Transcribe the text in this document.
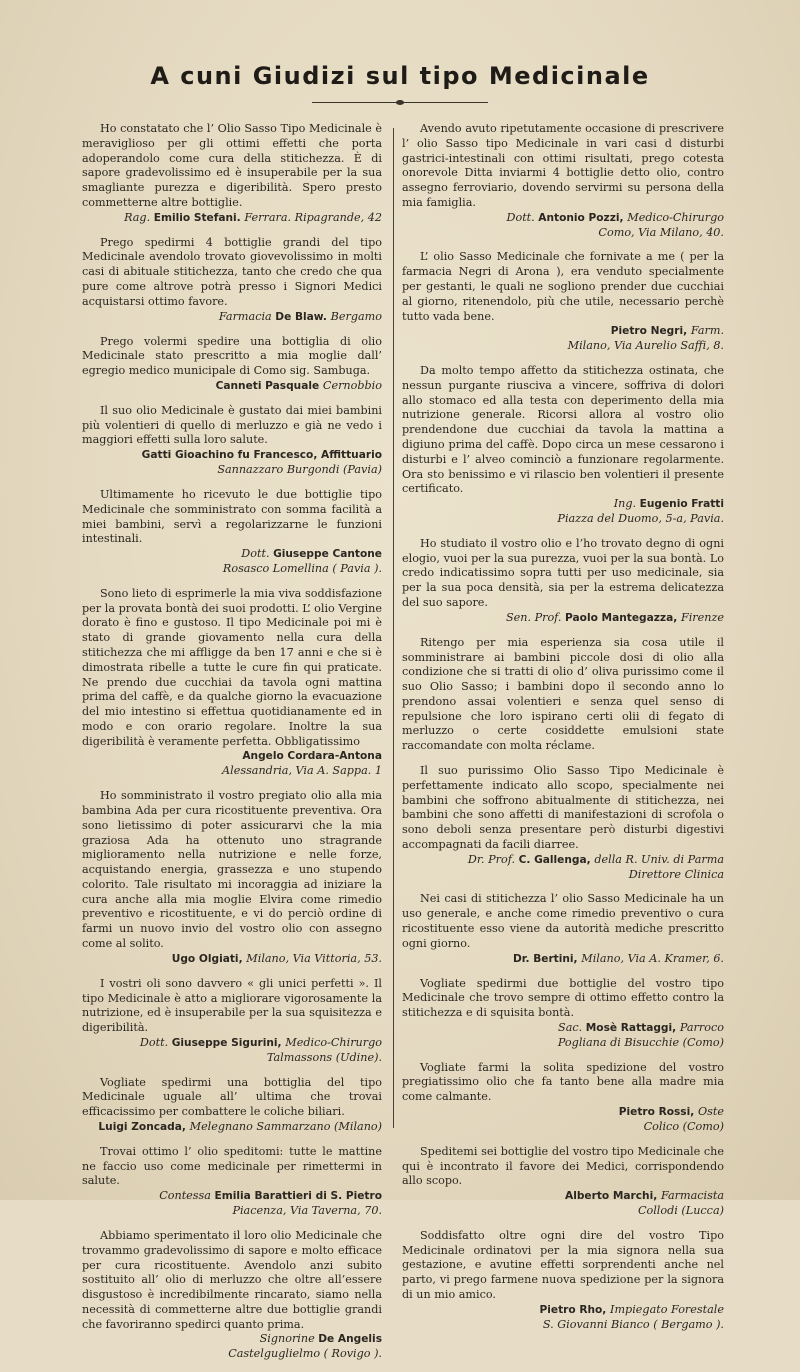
A cuni Giudizi sul tipo Medicinale

Ho constatato che l’ Olio Sasso Tipo Medicinale è meraviglioso per gli ottimi effetti che porta adoperandolo come cura della stitichezza. È di sapore gradevolissimo ed è insuperabile per la sua smagliante purezza e digeribilità. Spero presto commetterne altre bottiglie.

Rag. Emilio Stefani. Ferrara. Ripagrande, 42

Prego spedirmi 4 bottiglie grandi del tipo Medicinale avendolo trovato giovevolissimo in molti casi di abituale stitichezza, tanto che credo che qua pure come altrove potrà presso i Signori Medici acquistarsi ottimo favore.

Farmacia De Blaw. Bergamo

Prego volermi spedire una bottiglia di olio Medicinale stato prescritto a mia moglie dall’ egregio medico municipale di Como sig. Sambuga.

Canneti Pasquale Cernobbio

Il suo olio Medicinale è gustato dai miei bambini più volentieri di quello di merluzzo e già ne vedo i maggiori effetti sulla loro salute.

Gatti Gioachino fu Francesco, Affittuario

Sannazzaro Burgondi (Pavia)

Ultimamente ho ricevuto le due bottiglie tipo Medicinale che somministrato con somma facilità a miei bambini, servì a regolarizzarne le funzioni intestinali.

Dott. Giuseppe Cantone

Rosasco Lomellina ( Pavia ).

Sono lieto di esprimerle la mia viva soddisfazione per la provata bontà dei suoi prodotti. L’ olio Vergine dorato è fino e gustoso. Il tipo Medicinale poi mi è stato di grande giovamento nella cura della stitichezza che mi affligge da ben 17 anni e che si è dimostrata ribelle a tutte le cure fin qui praticate. Ne prendo due cucchiai da tavola ogni mattina prima del caffè, e da qualche giorno la evacuazione del mio intestino si effettua quotidianamente ed in modo e con orario regolare. Inoltre la sua digeribilità è veramente perfetta. Obbligatissimo

Angelo Cordara-Antona

Alessandria, Via A. Sappa. 1

Ho somministrato il vostro pregiato olio alla mia bambina Ada per cura ricostituente preventiva. Ora sono lietissimo di poter assicurarvi che la mia graziosa Ada ha ottenuto uno stragrande miglioramento nella nutrizione e nelle forze, acquistando energia, grassezza e uno stupendo colorito. Tale risultato mi incoraggia ad iniziare la cura anche alla mia moglie Elvira come rimedio preventivo e ricostituente, e vi do perciò ordine di farmi un nuovo invio del vostro olio con assegno come al solito.

Ugo Olgiati, Milano, Via Vittoria, 53.

I vostri oli sono davvero « gli unici perfetti ». Il tipo Medicinale è atto a migliorare vigorosamente la nutrizione, ed è insuperabile per la sua squisitezza e digeribilità.

Dott. Giuseppe Sigurini, Medico-Chirurgo

Talmassons (Udine).

Vogliate spedirmi una bottiglia del tipo Medicinale uguale all’ ultima che trovai efficacissimo per combattere le coliche biliari.

Luigi Zoncada, Melegnano Sammarzano (Milano)

Trovai ottimo l’ olio speditomi: tutte le mattine ne faccio uso come medicinale per rimettermi in salute.

Contessa Emilia Barattieri di S. Pietro

Piacenza, Via Taverna, 70.

Abbiamo sperimentato il loro olio Medicinale che trovammo gradevolissimo di sapore e molto efficace per cura ricostituente. Avendolo anzi subito sostituito all’ olio di merluzzo che oltre all’essere disgustoso è incredibilmente rincarato, siamo nella necessità di commetterne altre due bottiglie grandi che favoriranno spedirci quanto prima.

Signorine De Angelis

Castelguglielmo ( Rovigo ).

Avendo avuto ripetutamente occasione di prescrivere l’ olio Sasso tipo Medicinale in vari casi d disturbi gastrici-intestinali con ottimi risultati, prego cotesta onorevole Ditta inviarmi 4 bottiglie detto olio, contro assegno ferroviario, dovendo servirmi su persona della mia famiglia.

Dott. Antonio Pozzi, Medico-Chirurgo

Como, Via Milano, 40.

L’ olio Sasso Medicinale che fornivate a me ( per la farmacia Negri di Arona ), era venduto specialmente per gestanti, le quali ne sogliono prender due cucchiai al giorno, ritenendolo, più che utile, necessario perchè tutto vada bene.

Pietro Negri, Farm.

Milano, Via Aurelio Saffi, 8.

Da molto tempo affetto da stitichezza ostinata, che nessun purgante riusciva a vincere, soffriva di dolori allo stomaco ed alla testa con deperimento della mia nutrizione generale. Ricorsi allora al vostro olio prendendone due cucchiai da tavola la mattina a digiuno prima del caffè. Dopo circa un mese cessarono i disturbi e l’ alveo cominciò a funzionare regolarmente. Ora sto benissimo e vi rilascio ben volentieri il presente certificato.

Ing. Eugenio Fratti

Piazza del Duomo, 5-a, Pavia.

Ho studiato il vostro olio e l’ho trovato degno di ogni elogio, vuoi per la sua purezza, vuoi per la sua bontà. Lo credo indicatissimo sopra tutti per uso medicinale, sia per la sua poca densità, sia per la estrema delicatezza del suo sapore.

Sen. Prof. Paolo Mantegazza, Firenze

Ritengo per mia esperienza sia cosa utile il somministrare ai bambini piccole dosi di olio alla condizione che si tratti di olio d’ oliva purissimo come il suo Olio Sasso; i bambini dopo il secondo anno lo prendono assai volentieri e senza quel senso di repulsione che loro ispirano certi olii di fegato di merluzzo o certe cosiddette emulsioni state raccomandate con molta réclame.

Il suo purissimo Olio Sasso Tipo Medicinale è perfettamente indicato allo scopo, specialmente nei bambini che soffrono abitualmente di stitichezza, nei bambini che sono affetti di manifestazioni di scrofola o sono deboli senza presentare però disturbi digestivi accompagnati da facili diarree.

Dr. Prof. C. Gallenga, della R. Univ. di Parma

Direttore Clinica

Nei casi di stitichezza l’ olio Sasso Medicinale ha un uso generale, e anche come rimedio preventivo o cura ricostituente esso viene da autorità mediche prescritto ogni giorno.

Dr. Bertini, Milano, Via A. Kramer, 6.

Vogliate spedirmi due bottiglie del vostro tipo Medicinale che trovo sempre di ottimo effetto contro la stitichezza e di squisita bontà.

Sac. Mosè Rattaggi, Parroco

Pogliana di Bisucchie (Como)

Vogliate farmi la solita spedizione del vostro pregiatissimo olio che fa tanto bene alla madre mia come calmante.

Pietro Rossi, Oste

Colico (Como)

Speditemi sei bottiglie del vostro tipo Medicinale che qui è incontrato il favore dei Medici, corrispondendo allo scopo.

Alberto Marchi, Farmacista

Collodi (Lucca)

Soddisfatto oltre ogni dire del vostro Tipo Medicinale ordinatovi per la mia signora nella sua gestazione, e avutine effetti sorprendenti anche nel parto, vi prego farmene nuova spedizione per la signora di un mio amico.

Pietro Rho, Impiegato Forestale

S. Giovanni Bianco ( Bergamo ).
